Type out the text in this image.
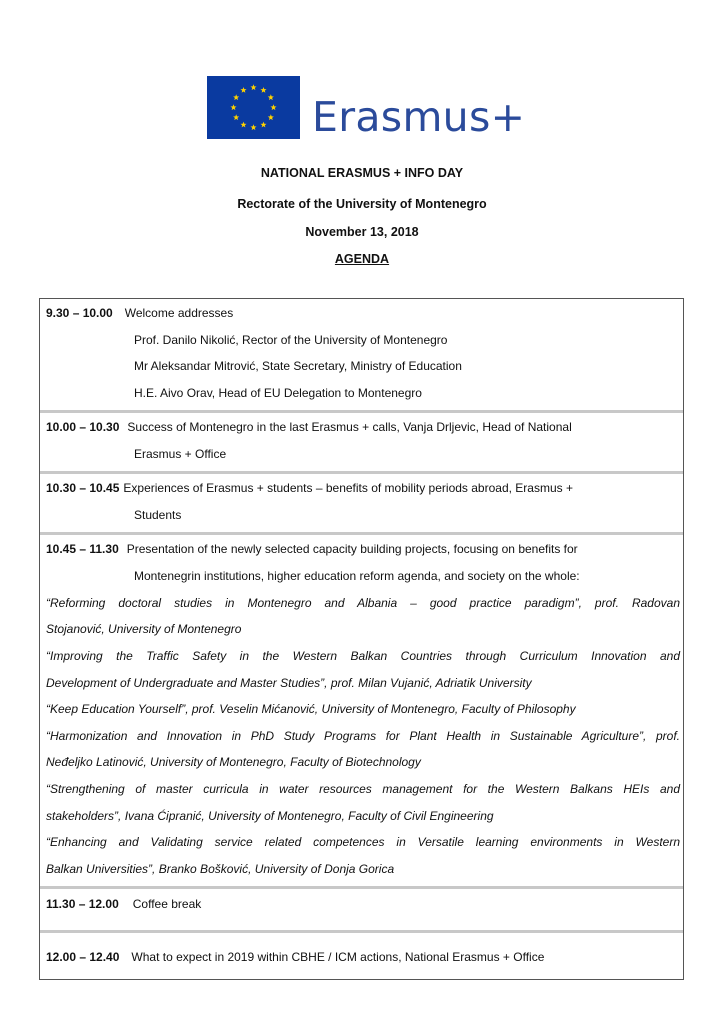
Erasmus+
NATIONAL ERASMUS + INFO DAY
Rectorate of the University of Montenegro
November 13, 2018
AGENDA
9.30 – 10.00 Welcome addresses
Prof. Danilo Nikolić, Rector of the University of Montenegro
Mr Aleksandar Mitrović, State Secretary, Ministry of Education
H.E. Aivo Orav, Head of EU Delegation to Montenegro
10.00 – 10.30 Success of Montenegro in the last Erasmus + calls, Vanja Drljevic, Head of National
Erasmus + Office
10.30 – 10.45 Experiences of Erasmus + students – benefits of mobility periods abroad, Erasmus +
Students
10.45 – 11.30 Presentation of the newly selected capacity building projects, focusing on benefits for
Montenegrin institutions, higher education reform agenda, and society on the whole:
“Reforming doctoral studies in Montenegro and Albania – good practice paradigm”, prof. Radovan
Stojanović, University of Montenegro
“Improving the Traffic Safety in the Western Balkan Countries through Curriculum Innovation and
Development of Undergraduate and Master Studies”, prof. Milan Vujanić, Adriatik University
“Keep Education Yourself”, prof. Veselin Mićanović, University of Montenegro, Faculty of Philosophy
“Harmonization and Innovation in PhD Study Programs for Plant Health in Sustainable Agriculture”, prof.
Neđeljko Latinović, University of Montenegro, Faculty of Biotechnology
“Strengthening of master curricula in water resources management for the Western Balkans HEIs and
stakeholders”, Ivana Ćipranić, University of Montenegro, Faculty of Civil Engineering
“Enhancing and Validating service related competences in Versatile learning environments in Western
Balkan Universities”, Branko Bošković, University of Donja Gorica
11.30 – 12.00 Coffee break
12.00 – 12.40 What to expect in 2019 within CBHE / ICM actions, National Erasmus + Office
